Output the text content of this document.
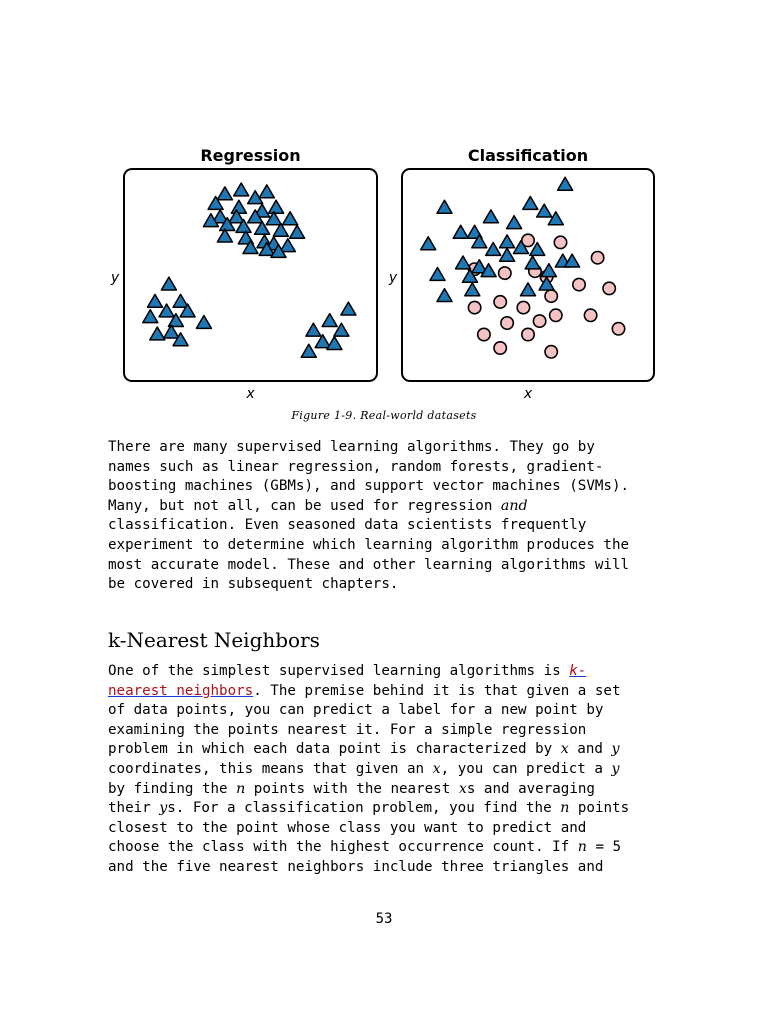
Regression
x
y
Classification
x
y
Figure 1-9. Real-world datasets
There are many supervised learning algorithms. They go by
names such as linear regression, random forests, gradient-
boosting machines (GBMs), and support vector machines (SVMs).
Many, but not all, can be used for regression and
classification. Even seasoned data scientists frequently
experiment to determine which learning algorithm produces the
most accurate model. These and other learning algorithms will
be covered in subsequent chapters.
k-Nearest Neighbors
One of the simplest supervised learning algorithms is k-
nearest neighbors. The premise behind it is that given a set
of data points, you can predict a label for a new point by
examining the points nearest it. For a simple regression
problem in which each data point is characterized by x and y
coordinates, this means that given an x, you can predict a y
by finding the n points with the nearest xs and averaging
their ys. For a classification problem, you find the n points
closest to the point whose class you want to predict and
choose the class with the highest occurrence count. If n = 5
and the five nearest neighbors include three triangles and
53
